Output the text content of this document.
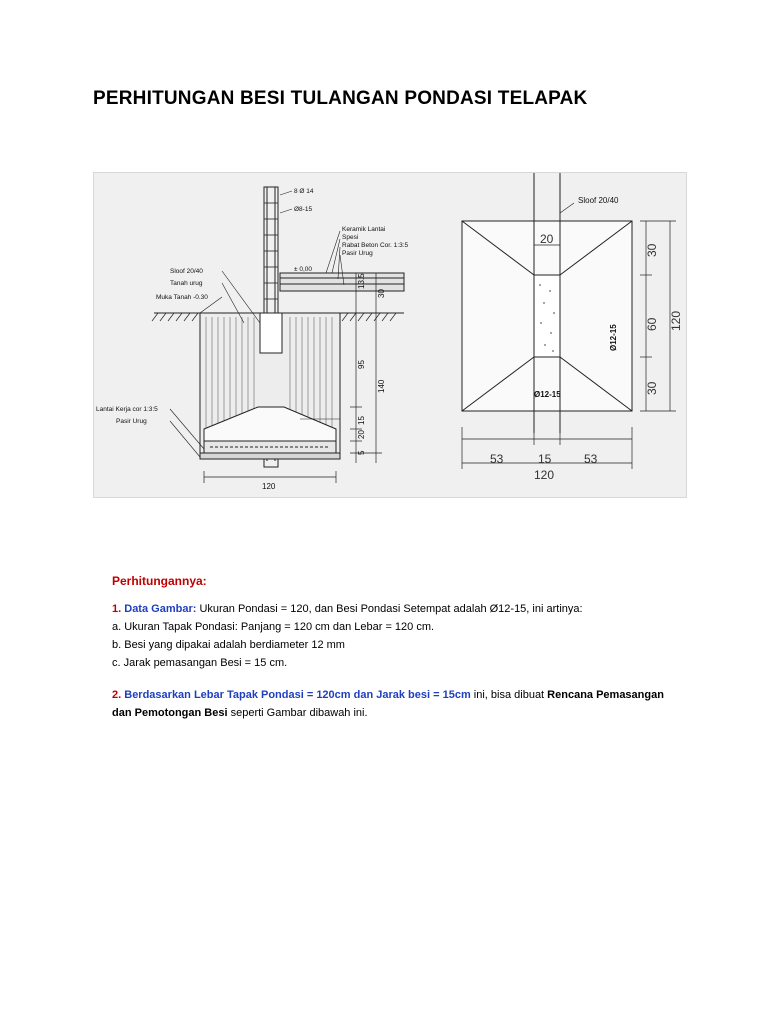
PERHITUNGAN BESI TULANGAN PONDASI TELAPAK
8 Ø 14
Ø8-15
Keramik Lantai
Spesi
Rabat Beton Cor. 1:3:5
Pasir Urug
± 0,00
Sloof 20/40
Tanah urug
Muka Tanah -0.30
Lantai Kerja cor 1:3:5
Pasir Urug
120
13.5
30
95
140
15
20
5
Sloof 20/40
Ø12-15
Ø12-15
20
30
60
30
120
53	15	53
120
Perhitungannya:

1. Data Gambar: Ukuran Pondasi = 120, dan Besi Pondasi Setempat adalah Ø12-15, ini artinya:

a. Ukuran Tapak Pondasi: Panjang = 120 cm dan Lebar = 120 cm.

b. Besi yang dipakai adalah berdiameter 12 mm

c. Jarak pemasangan Besi = 15 cm.

2. Berdasarkan Lebar Tapak Pondasi = 120cm dan Jarak besi = 15cm ini, bisa dibuat Rencana Pemasangan

dan Pemotongan Besi seperti Gambar dibawah ini.
